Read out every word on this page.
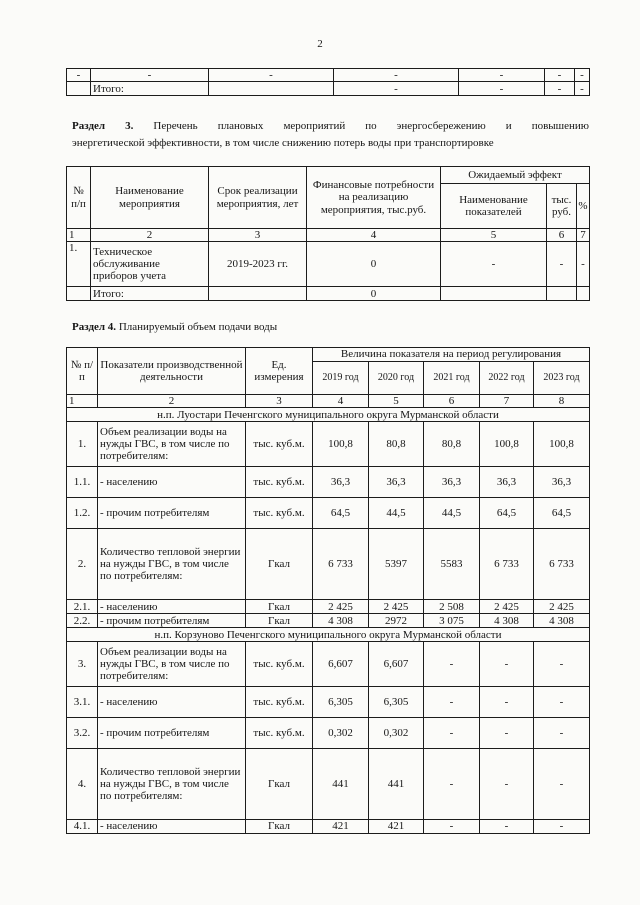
2
-	-	-	-	-	-	-
	Итого:		-	-	-	-
Раздел 3. Перечень плановых мероприятий по энергосбережению и повышению
энергетической эффективности, в том числе снижению потерь воды при транспортировке
№ п/п	Наименование мероприятия	Срок реализации мероприятия, лет	Финансовые потребности на реализацию мероприятия, тыс.руб.	Ожидаемый эффект		
				Наименование показателей	тыс. руб.	%
1	2	3	4	5	6	7
1.	Техническое обслуживание приборов учета	2019-2023 гг.	0	-	-	-
	Итого:		0			
Раздел 4. Планируемый объем подачи воды
№ п/п	Показатели производственной деятельности	Ед. измерения	Величина показателя на период регулирования				
			2019 год	2020 год	2021 год	2022 год	2023 год
1	2	3	4	5	6	7	8
н.п. Луостари Печенгского муниципального округа Мурманской области							
1.	Объем реализации воды на нужды ГВС, в том числе по потребителям:	тыс. куб.м.	100,8	80,8	80,8	100,8	100,8
1.1.	- населению	тыс. куб.м.	36,3	36,3	36,3	36,3	36,3
1.2.	- прочим потребителям	тыс. куб.м.	64,5	44,5	44,5	64,5	64,5
2.	Количество тепловой энергии на нужды ГВС, в том числе по потребителям:	Гкал	6 733	5397	5583	6 733	6 733
2.1.	- населению	Гкал	2 425	2 425	2 508	2 425	2 425
2.2.	- прочим потребителям	Гкал	4 308	2972	3 075	4 308	4 308
н.п. Корзуново Печенгского муниципального округа Мурманской области							
3.	Объем реализации воды на нужды ГВС, в том числе по потребителям:	тыс. куб.м.	6,607	6,607	-	-	-
3.1.	- населению	тыс. куб.м.	6,305	6,305	-	-	-
3.2.	- прочим потребителям	тыс. куб.м.	0,302	0,302	-	-	-
4.	Количество тепловой энергии на нужды ГВС, в том числе по потребителям:	Гкал	441	441	-	-	-
4.1.	- населению	Гкал	421	421	-	-	-
